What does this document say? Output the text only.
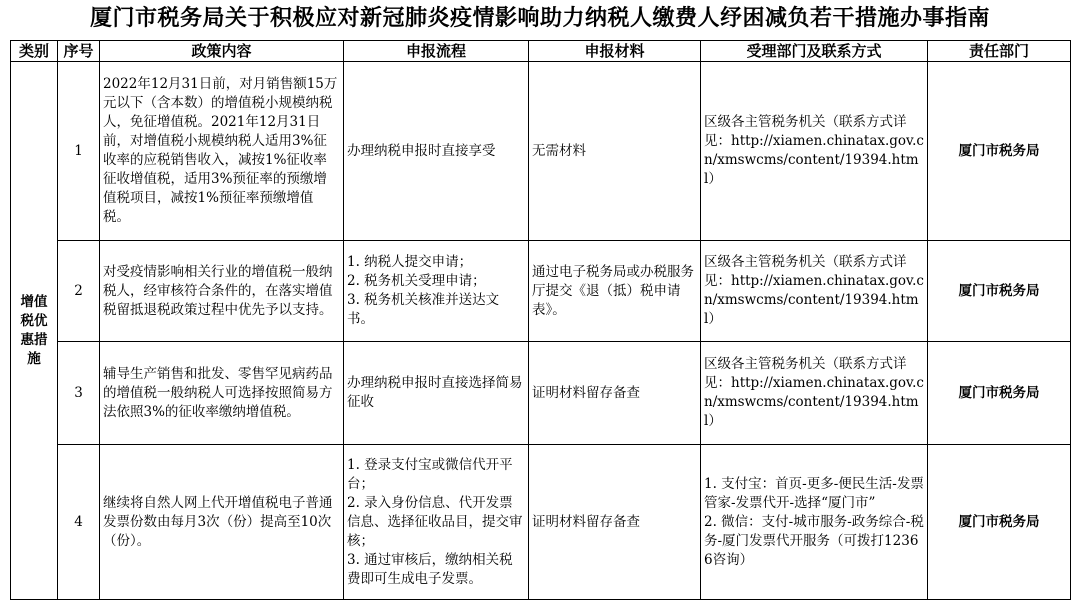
厦门市税务局关于积极应对新冠肺炎疫情影响助力纳税人缴费人纾困减负若干措施办事指南
类别	序号	政策内容	申报流程	申报材料	受理部门及联系方式	责任部门
增值税优惠措施	1	2022年12月31日前，对月销售额15万元以下（含本数）的增值税小规模纳税人，免征增值税。2021年12月31日前，对增值税小规模纳税人适用3%征收率的应税销售收入，减按1%征收率征收增值税，适用3%预征率的预缴增值税项目，减按1%预征率预缴增值税。	办理纳税申报时直接享受	无需材料	区级各主管税务机关（联系方式详见：http://xiamen.chinatax.gov.cn/xmswcms/content/19394.html）	厦门市税务局
	2	对受疫情影响相关行业的增值税一般纳税人，经审核符合条件的，在落实增值税留抵退税政策过程中优先予以支持。	1. 纳税人提交申请；
2. 税务机关受理申请；
3. 税务机关核准并送达文书。	通过电子税务局或办税服务厅提交《退（抵）税申请表》。	区级各主管税务机关（联系方式详见：http://xiamen.chinatax.gov.cn/xmswcms/content/19394.html）	厦门市税务局
	3	辅导生产销售和批发、零售罕见病药品的增值税一般纳税人可选择按照简易方法依照3%的征收率缴纳增值税。	办理纳税申报时直接选择简易征收	证明材料留存备查	区级各主管税务机关（联系方式详见：http://xiamen.chinatax.gov.cn/xmswcms/content/19394.html）	厦门市税务局
	4	继续将自然人网上代开增值税电子普通发票份数由每月3次（份）提高至10次（份）。	1. 登录支付宝或微信代开平台；
2. 录入身份信息、代开发票信息、选择征收品目，提交审核；
3. 通过审核后，缴纳相关税费即可生成电子发票。	证明材料留存备查	1. 支付宝：首页-更多-便民生活-发票管家-发票代开-选择“厦门市”
2. 微信：支付-城市服务-政务综合-税务-厦门发票代开服务（可拨打12366咨询）	厦门市税务局
